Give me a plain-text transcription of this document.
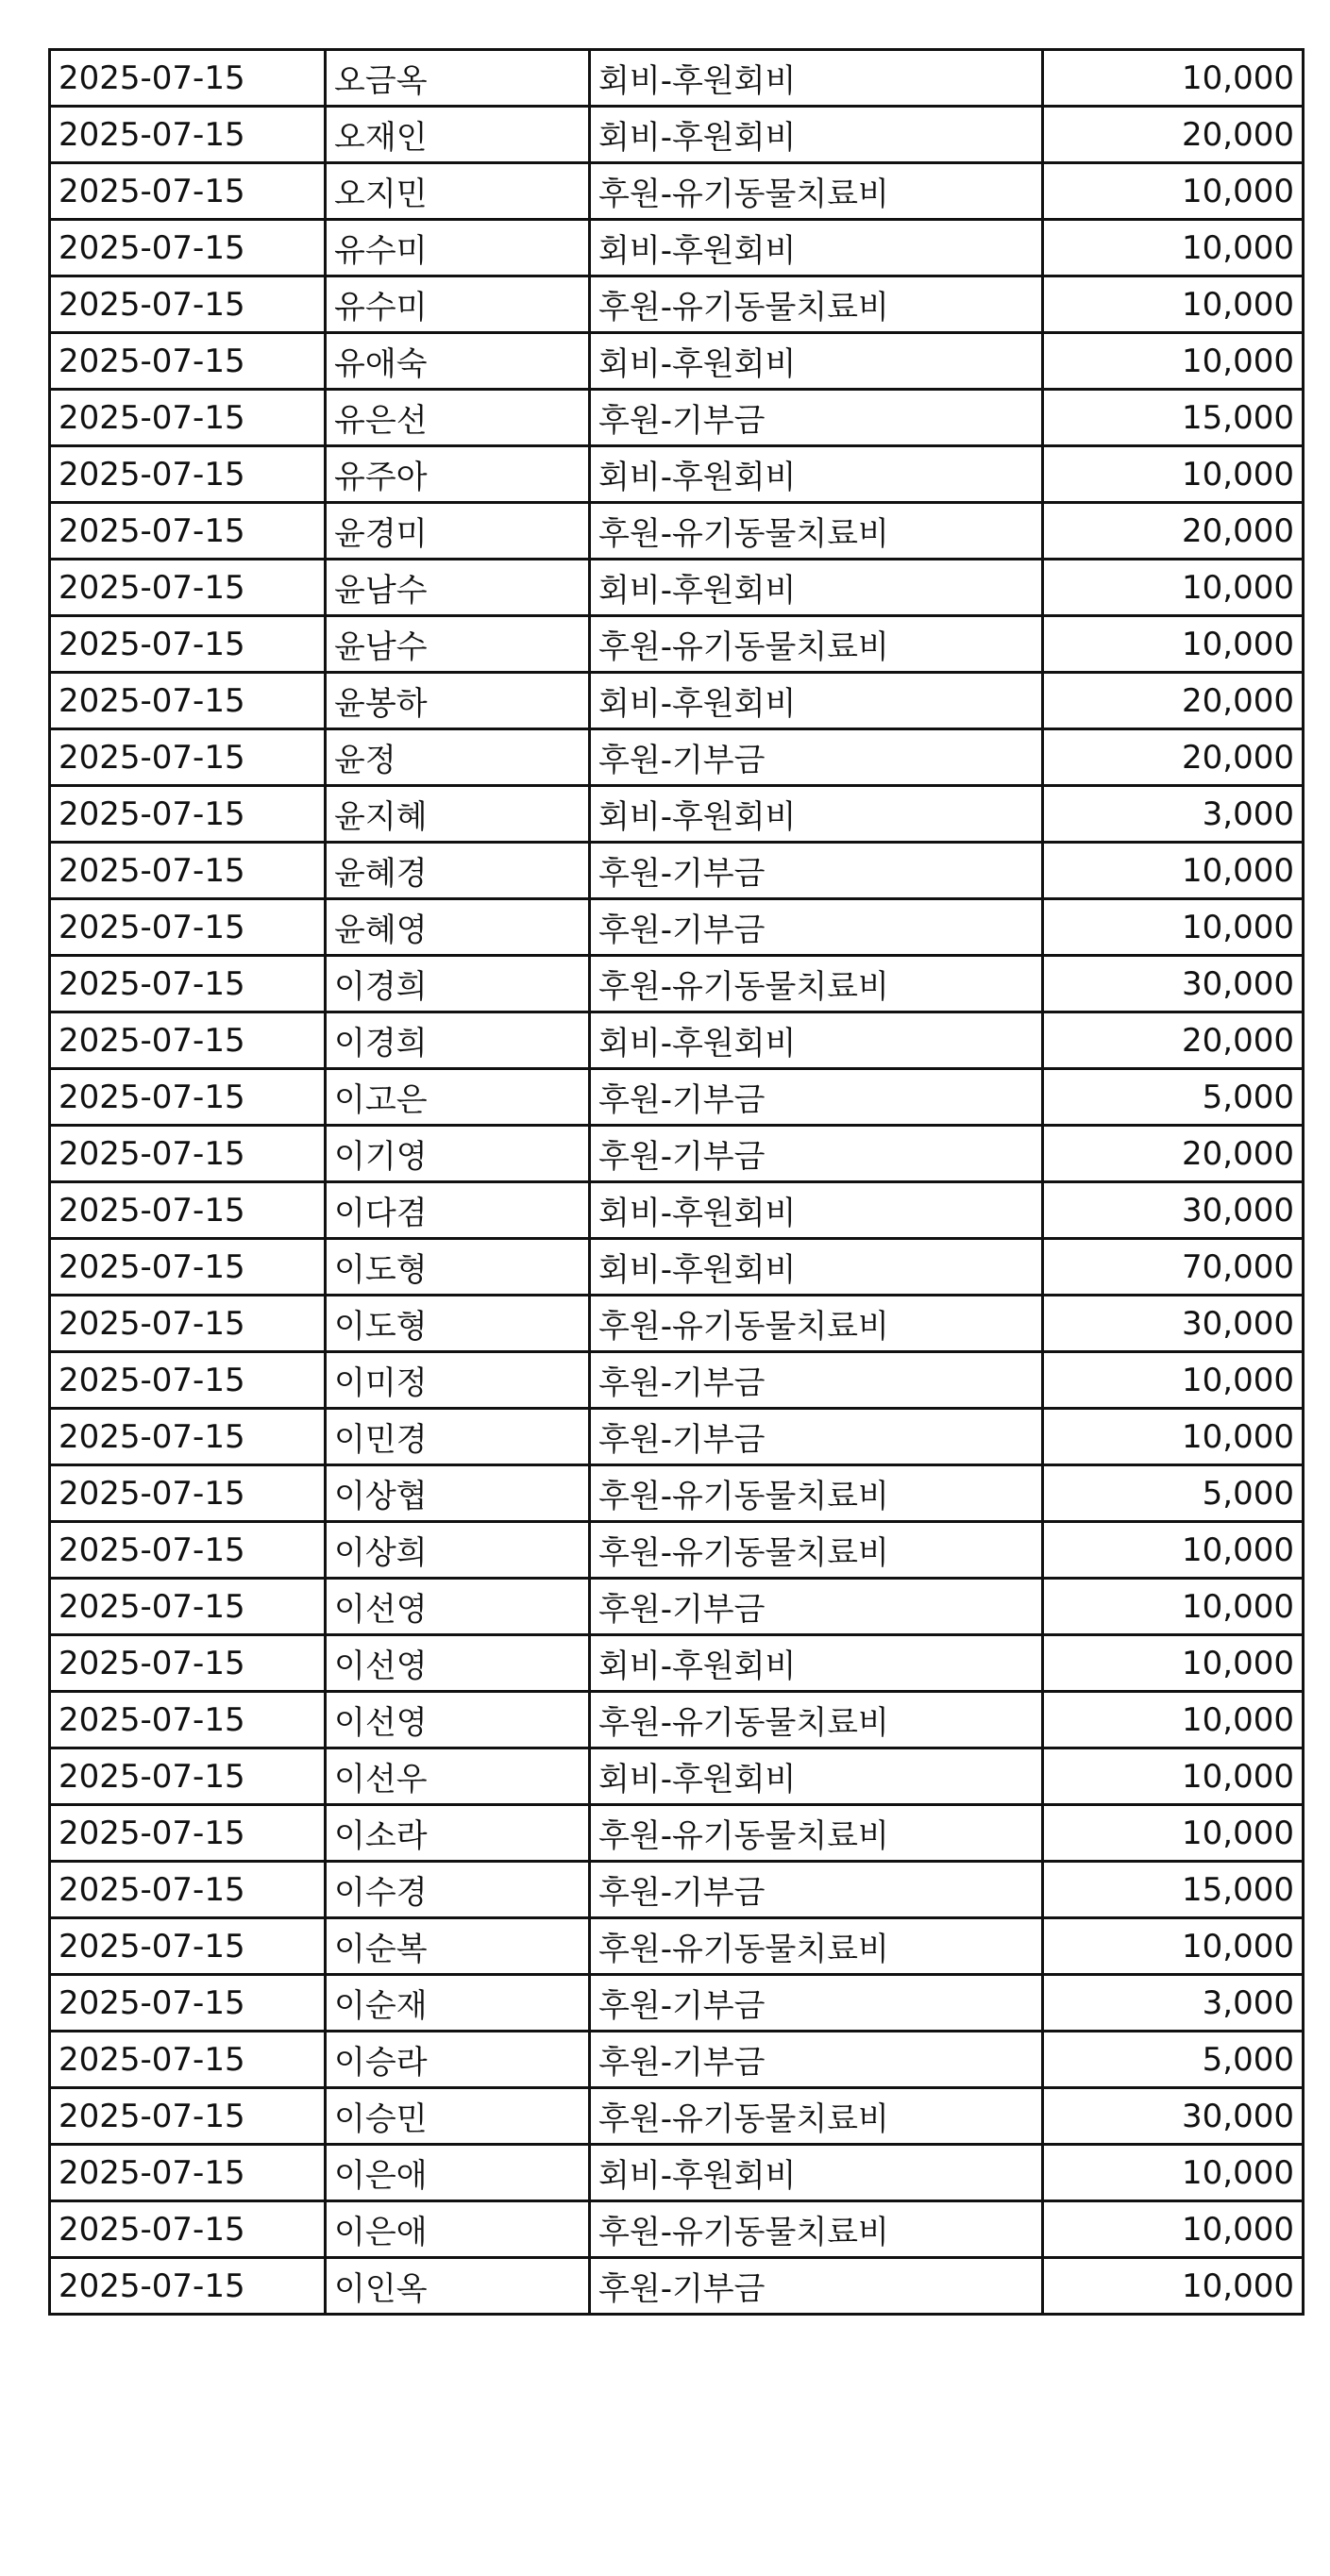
2025-07-15	오금옥	회비-후원회비	10,000
2025-07-15	오재인	회비-후원회비	20,000
2025-07-15	오지민	후원-유기동물치료비	10,000
2025-07-15	유수미	회비-후원회비	10,000
2025-07-15	유수미	후원-유기동물치료비	10,000
2025-07-15	유애숙	회비-후원회비	10,000
2025-07-15	유은선	후원-기부금	15,000
2025-07-15	유주아	회비-후원회비	10,000
2025-07-15	윤경미	후원-유기동물치료비	20,000
2025-07-15	윤남수	회비-후원회비	10,000
2025-07-15	윤남수	후원-유기동물치료비	10,000
2025-07-15	윤봉하	회비-후원회비	20,000
2025-07-15	윤정	후원-기부금	20,000
2025-07-15	윤지혜	회비-후원회비	3,000
2025-07-15	윤혜경	후원-기부금	10,000
2025-07-15	윤혜영	후원-기부금	10,000
2025-07-15	이경희	후원-유기동물치료비	30,000
2025-07-15	이경희	회비-후원회비	20,000
2025-07-15	이고은	후원-기부금	5,000
2025-07-15	이기영	후원-기부금	20,000
2025-07-15	이다겸	회비-후원회비	30,000
2025-07-15	이도형	회비-후원회비	70,000
2025-07-15	이도형	후원-유기동물치료비	30,000
2025-07-15	이미정	후원-기부금	10,000
2025-07-15	이민경	후원-기부금	10,000
2025-07-15	이상협	후원-유기동물치료비	5,000
2025-07-15	이상희	후원-유기동물치료비	10,000
2025-07-15	이선영	후원-기부금	10,000
2025-07-15	이선영	회비-후원회비	10,000
2025-07-15	이선영	후원-유기동물치료비	10,000
2025-07-15	이선우	회비-후원회비	10,000
2025-07-15	이소라	후원-유기동물치료비	10,000
2025-07-15	이수경	후원-기부금	15,000
2025-07-15	이순복	후원-유기동물치료비	10,000
2025-07-15	이순재	후원-기부금	3,000
2025-07-15	이승라	후원-기부금	5,000
2025-07-15	이승민	후원-유기동물치료비	30,000
2025-07-15	이은애	회비-후원회비	10,000
2025-07-15	이은애	후원-유기동물치료비	10,000
2025-07-15	이인옥	후원-기부금	10,000
